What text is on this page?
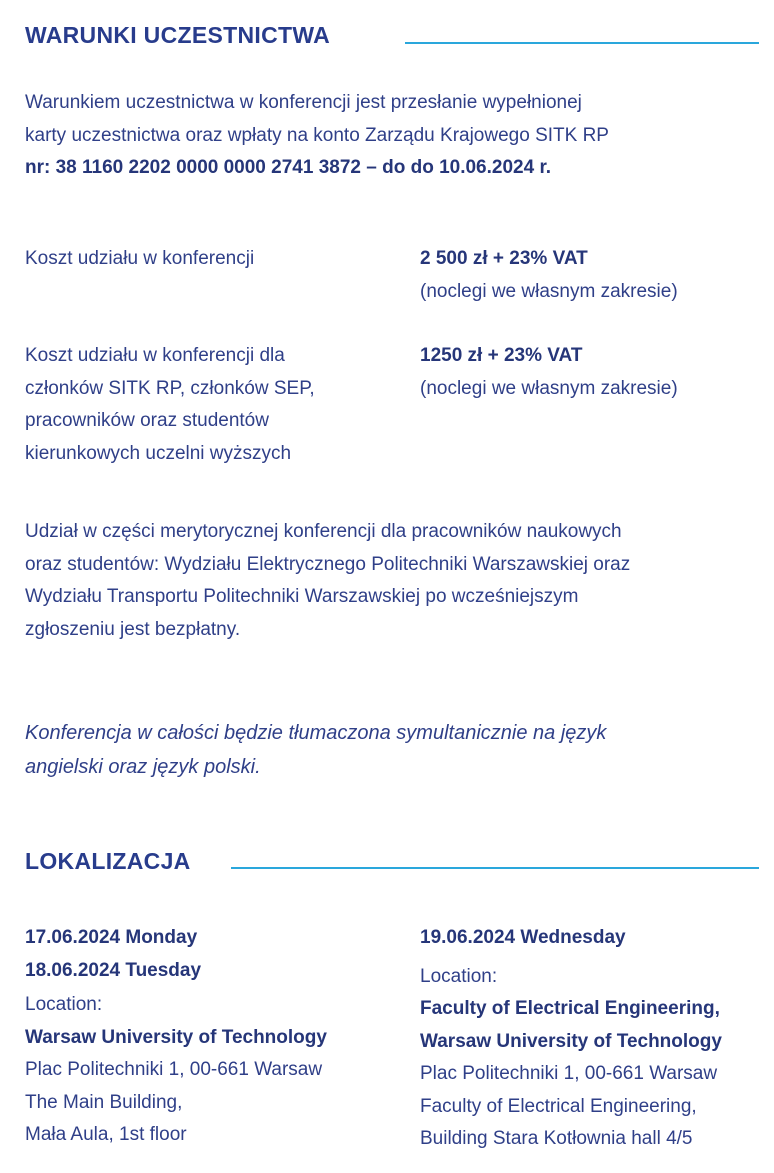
WARUNKI UCZESTNICTWA
Warunkiem uczestnictwa w konferencji jest przesłanie wypełnionej
karty uczestnictwa oraz wpłaty na konto Zarządu Krajowego SITK RP
nr: 38 1160 2202 0000 0000 2741 3872 – do do 10.06.2024 r.
Koszt udziału w konferencji	2 500 zł + 23% VAT
(noclegi we własnym zakresie)
Koszt udziału w konferencji dla
członków SITK RP, członków SEP,
pracowników oraz studentów
kierunkowych uczelni wyższych
1250 zł + 23% VAT
(noclegi we własnym zakresie)
Udział w części merytorycznej konferencji dla pracowników naukowych
oraz studentów: Wydziału Elektrycznego Politechniki Warszawskiej oraz
Wydziału Transportu Politechniki Warszawskiej po wcześniejszym
zgłoszeniu jest bezpłatny.
Konferencja w całości będzie tłumaczona symultanicznie na język
angielski oraz język polski.
LOKALIZACJA
17.06.2024 Monday
18.06.2024 Tuesday
Location:
Warsaw University of Technology
Plac Politechniki 1, 00-661 Warsaw
The Main Building,
Mała Aula, 1st floor
19.06.2024 Wednesday
Location:
Faculty of Electrical Engineering,
Warsaw University of Technology
Plac Politechniki 1, 00-661 Warsaw
Faculty of Electrical Engineering,
Building Stara Kotłownia hall 4/5
